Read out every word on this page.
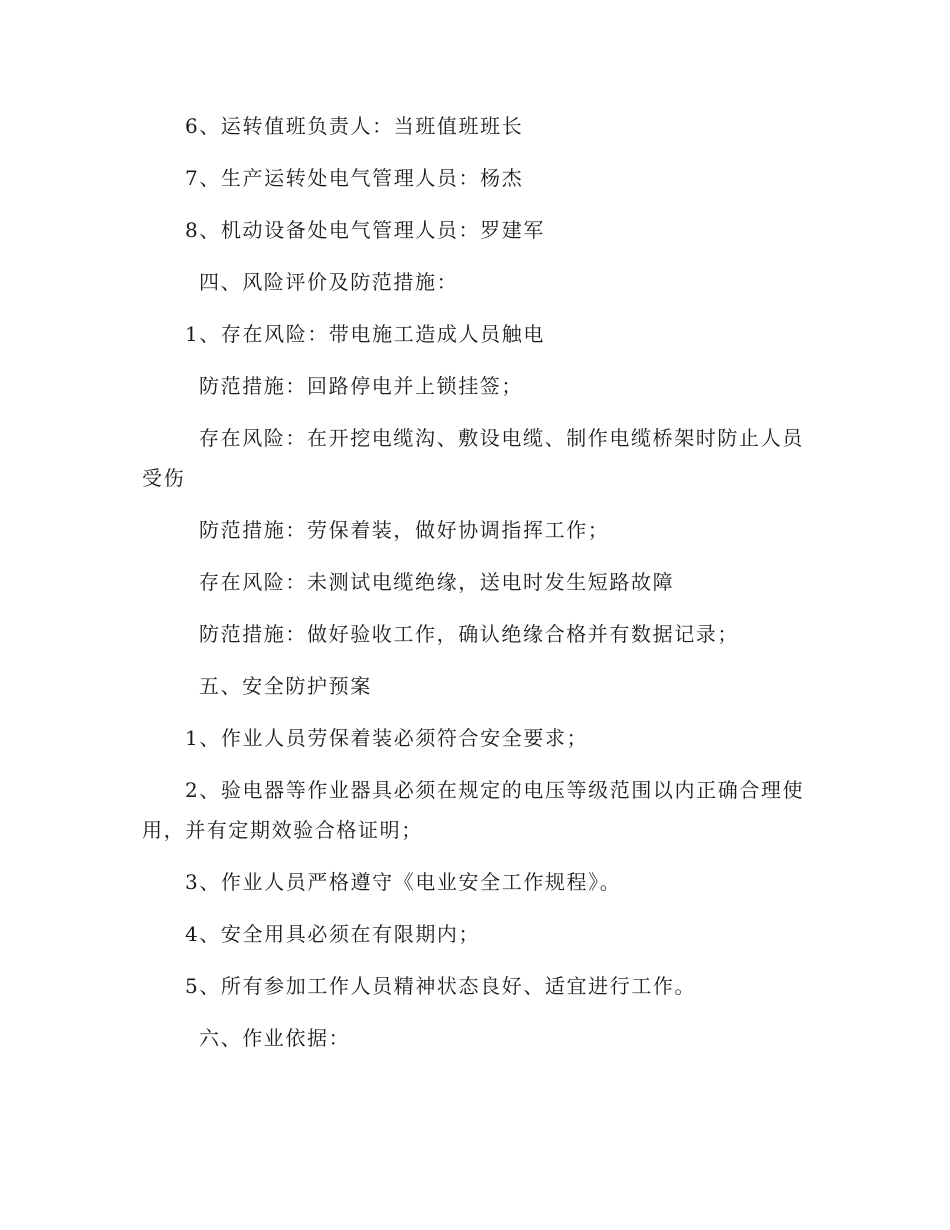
6、运转值班负责人：当班值班班长

7、生产运转处电气管理人员：杨杰

8、机动设备处电气管理人员：罗建军

四、风险评价及防范措施：

1、存在风险：带电施工造成人员触电

防范措施：回路停电并上锁挂签；

存在风险：在开挖电缆沟、敷设电缆、制作电缆桥架时防止人员受伤

防范措施：劳保着装，做好协调指挥工作；

存在风险：未测试电缆绝缘，送电时发生短路故障

防范措施：做好验收工作，确认绝缘合格并有数据记录；

五、安全防护预案

1、作业人员劳保着装必须符合安全要求；

2、验电器等作业器具必须在规定的电压等级范围以内正确合理使用，并有定期效验合格证明；

3、作业人员严格遵守《电业安全工作规程》。

4、安全用具必须在有限期内；

5、所有参加工作人员精神状态良好、适宜进行工作。

六、作业依据：
